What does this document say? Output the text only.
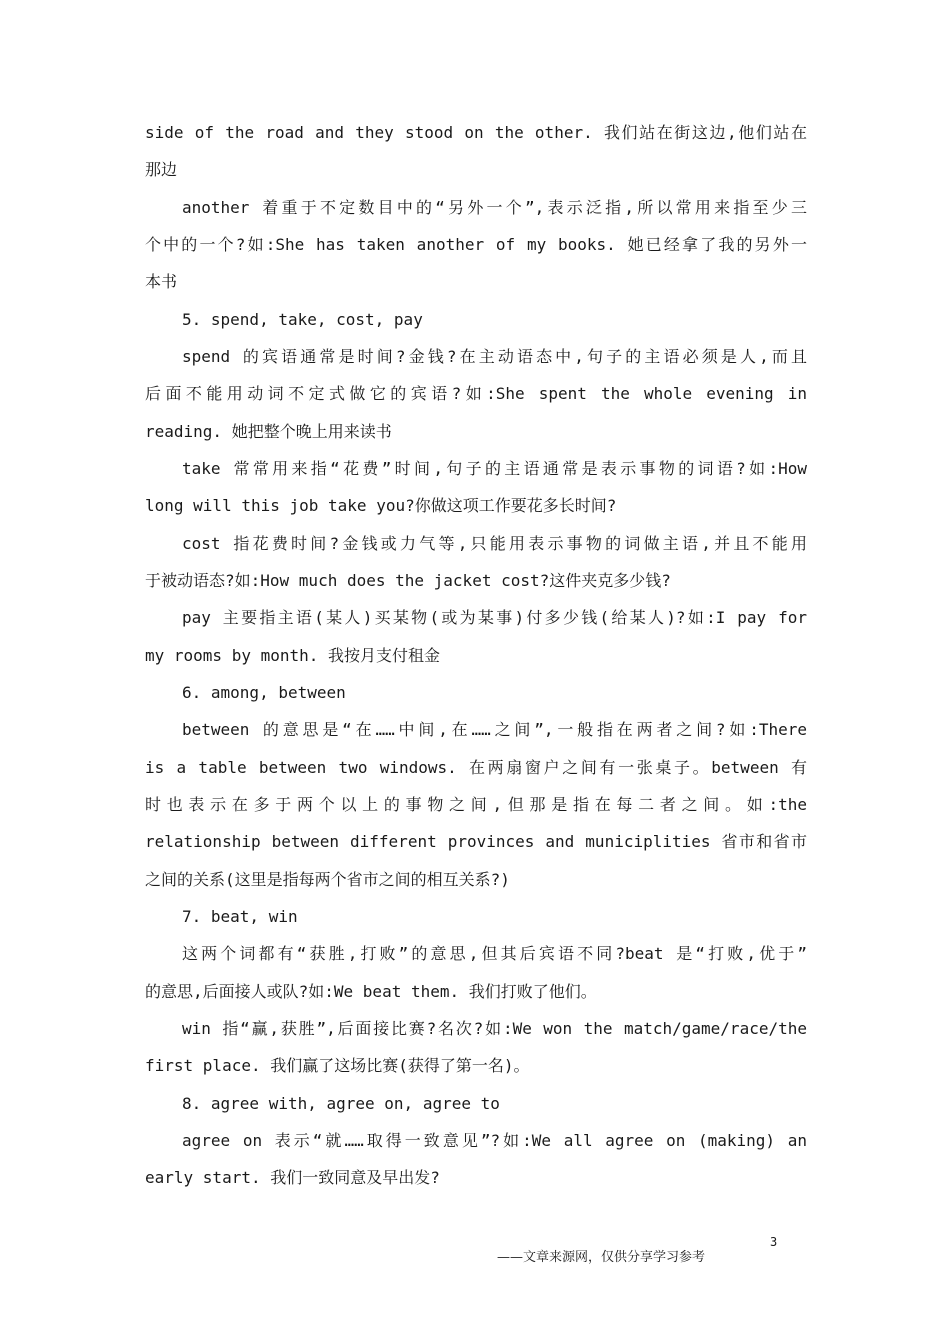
side of the road and they stood on the other. 我们站在街这边,他们站在
那边
another 着重于不定数目中的“另外一个”,表示泛指,所以常用来指至少三
个中的一个?如:She has taken another of my books. 她已经拿了我的另外一
本书
5. spend, take, cost, pay
spend 的宾语通常是时间?金钱?在主动语态中,句子的主语必须是人,而且
后面不能用动词不定式做它的宾语?如:She spent the whole evening in
reading. 她把整个晚上用来读书
take 常常用来指“花费”时间,句子的主语通常是表示事物的词语?如:How
long will this job take you?你做这项工作要花多长时间?
cost 指花费时间?金钱或力气等,只能用表示事物的词做主语,并且不能用
于被动语态?如:How much does the jacket cost?这件夹克多少钱?
pay 主要指主语(某人)买某物(或为某事)付多少钱(给某人)?如:I pay for
my rooms by month. 我按月支付租金
6. among, between
between 的意思是“在……中间,在……之间”,一般指在两者之间?如:There
is a table between two windows. 在两扇窗户之间有一张桌子。between 有
时也表示在多于两个以上的事物之间,但那是指在每二者之间。如:the
relationship between different provinces and municiplities 省市和省市
之间的关系(这里是指每两个省市之间的相互关系?)
7. beat, win
这两个词都有“获胜,打败”的意思,但其后宾语不同?beat 是“打败,优于”
的意思,后面接人或队?如:We beat them. 我们打败了他们。
win 指“赢,获胜”,后面接比赛?名次?如:We won the match/game/race/the
first place. 我们赢了这场比赛(获得了第一名)。
8. agree with, agree on, agree to
agree on 表示“就……取得一致意见”?如:We all agree on (making) an
early start. 我们一致同意及早出发?
3
——文章来源网，仅供分享学习参考
